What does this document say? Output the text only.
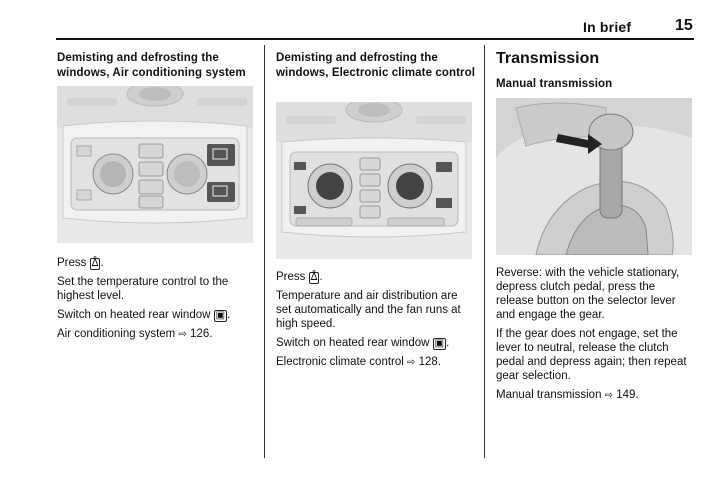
In brief	15
Demisting and defrosting the windows, Air conditioning system

Press ᐂ .

Set the temperature control to the highest level.

Switch on heated rear window ▣ .

Air conditioning system ⇨ 126.

Demisting and defrosting the windows, Electronic climate control

Press ᐂ .

Temperature and air distribution are set automatically and the fan runs at high speed.

Switch on heated rear window ▣ .

Electronic climate control ⇨ 128.

Transmission
Manual transmission

Reverse: with the vehicle stationary, depress clutch pedal, press the release button on the selector lever and engage the gear.

If the gear does not engage, set the lever to neutral, release the clutch pedal and depress again; then repeat gear selection.

Manual transmission ⇨ 149.
